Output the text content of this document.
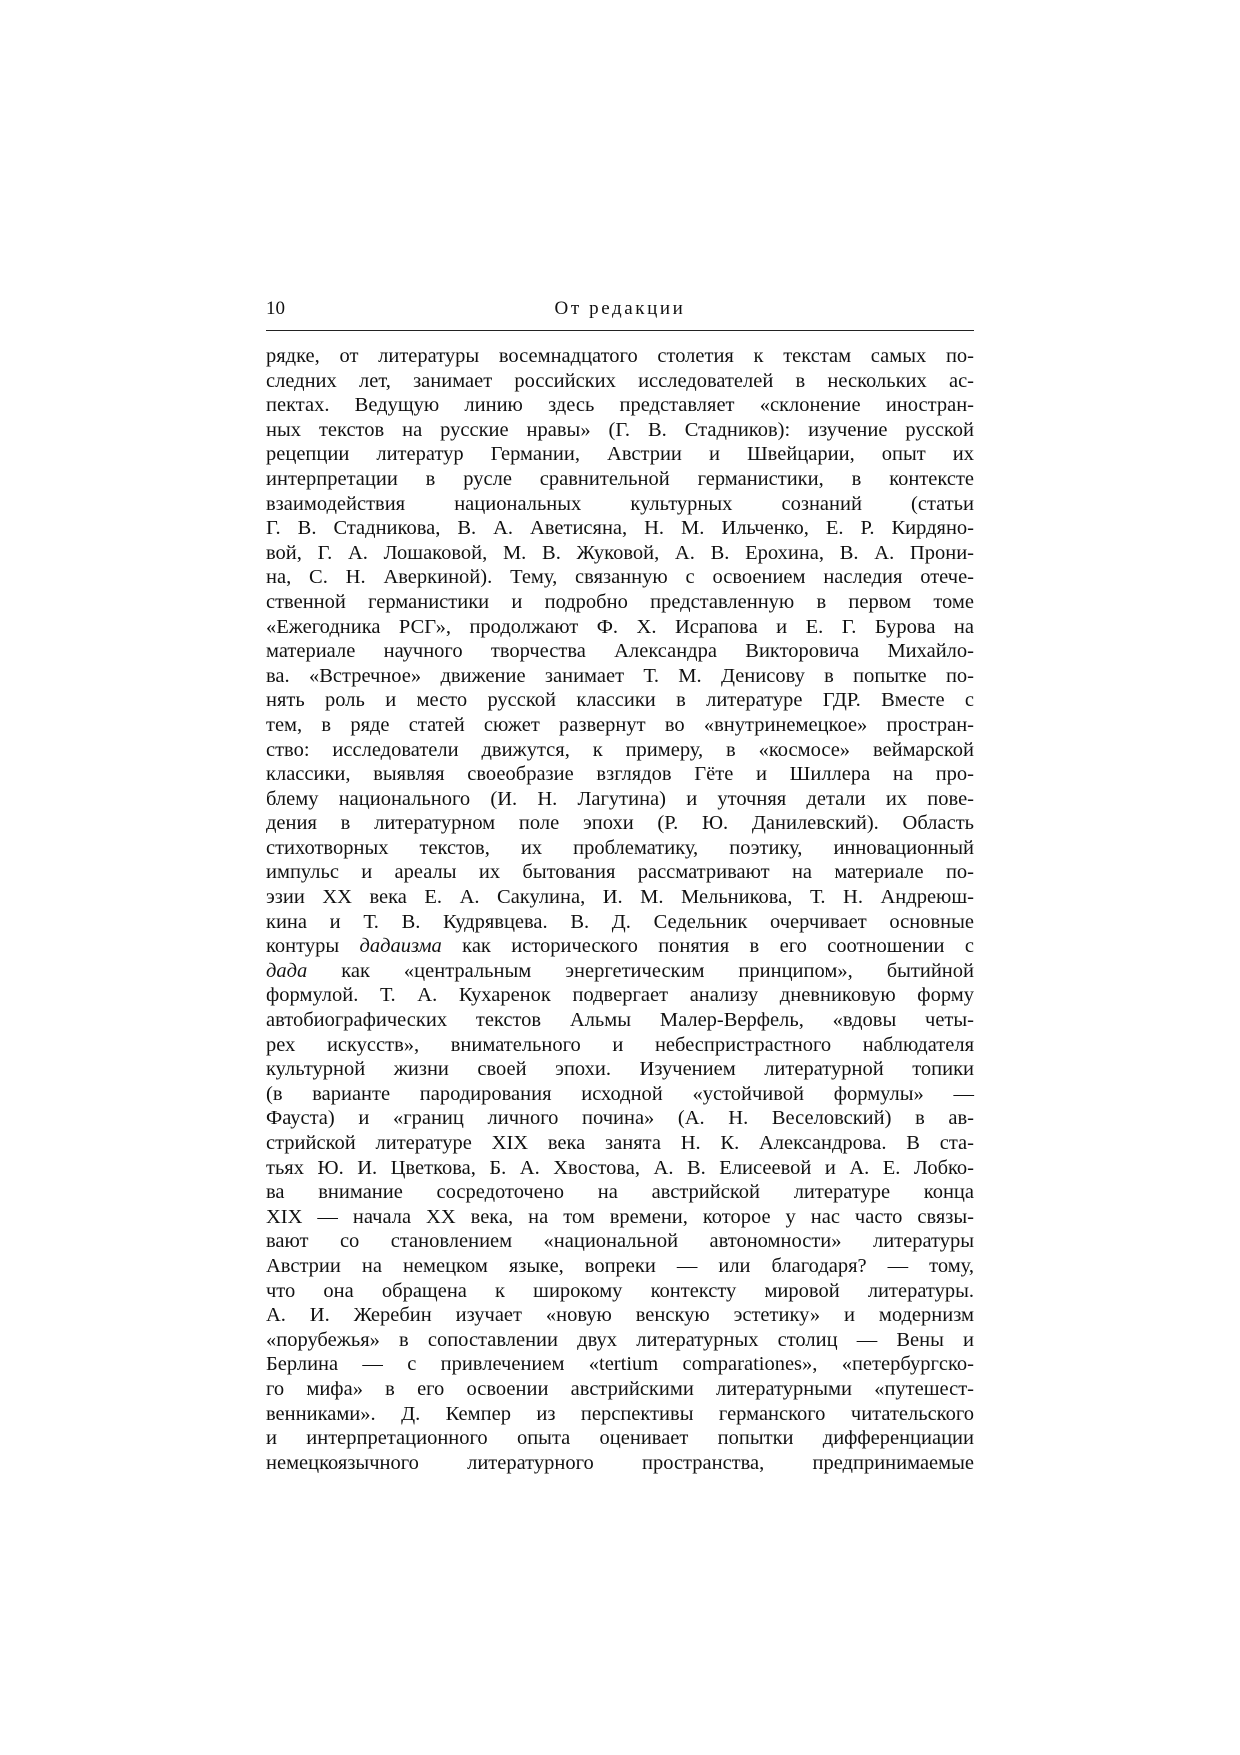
10	От редакции
рядке, от литературы восемнадцатого столетия к текстам самых по-
следних лет, занимает российских исследователей в нескольких ас-
пектах. Ведущую линию здесь представляет «склонение иностран-
ных текстов на русские нравы» (Г. В. Стадников): изучение русской
рецепции литератур Германии, Австрии и Швейцарии, опыт их
интерпретации в русле сравнительной германистики, в контексте
взаимодействия национальных культурных сознаний (статьи
Г. В. Стадникова, В. А. Аветисяна, Н. М. Ильченко, Е. Р. Кирдяно-
вой, Г. А. Лошаковой, М. В. Жуковой, А. В. Ерохина, В. А. Прони-
на, С. Н. Аверкиной). Тему, связанную с освоением наследия отече-
ственной германистики и подробно представленную в первом томе
«Ежегодника РСГ», продолжают Ф. Х. Исрапова и Е. Г. Бурова на
материале научного творчества Александра Викторовича Михайло-
ва. «Встречное» движение занимает Т. М. Денисову в попытке по-
нять роль и место русской классики в литературе ГДР. Вместе с
тем, в ряде статей сюжет развернут во «внутринемецкое» простран-
ство: исследователи движутся, к примеру, в «космосе» веймарской
классики, выявляя своеобразие взглядов Гёте и Шиллера на про-
блему национального (И. Н. Лагутина) и уточняя детали их пове-
дения в литературном поле эпохи (Р. Ю. Данилевский). Область
стихотворных текстов, их проблематику, поэтику, инновационный
импульс и ареалы их бытования рассматривают на материале по-
эзии XX века Е. А. Сакулина, И. М. Мельникова, Т. Н. Андреюш-
кина и Т. В. Кудрявцева. В. Д. Седельник очерчивает основные
контуры дадаизма как исторического понятия в его соотношении с
дада как «центральным энергетическим принципом», бытийной
формулой. Т. А. Кухаренок подвергает анализу дневниковую форму
автобиографических текстов Альмы Малер-Верфель, «вдовы четы-
рех искусств», внимательного и небеспристрастного наблюдателя
культурной жизни своей эпохи. Изучением литературной топики
(в варианте пародирования исходной «устойчивой формулы» —
Фауста) и «границ личного почина» (А. Н. Веселовский) в ав-
стрийской литературе XIX века занята Н. К. Александрова. В ста-
тьях Ю. И. Цветкова, Б. А. Хвостова, А. В. Елисеевой и А. Е. Лобко-
ва внимание сосредоточено на австрийской литературе конца
XIX — начала XX века, на том времени, которое у нас часто связы-
вают со становлением «национальной автономности» литературы
Австрии на немецком языке, вопреки — или благодаря? — тому,
что она обращена к широкому контексту мировой литературы.
А. И. Жеребин изучает «новую венскую эстетику» и модернизм
«порубежья» в сопоставлении двух литературных столиц — Вены и
Берлина — с привлечением «tertium comparationes», «петербургско-
го мифа» в его освоении австрийскими литературными «путешест-
венниками». Д. Кемпер из перспективы германского читательского
и интерпретационного опыта оценивает попытки дифференциации
немецкоязычного литературного пространства, предпринимаемые
